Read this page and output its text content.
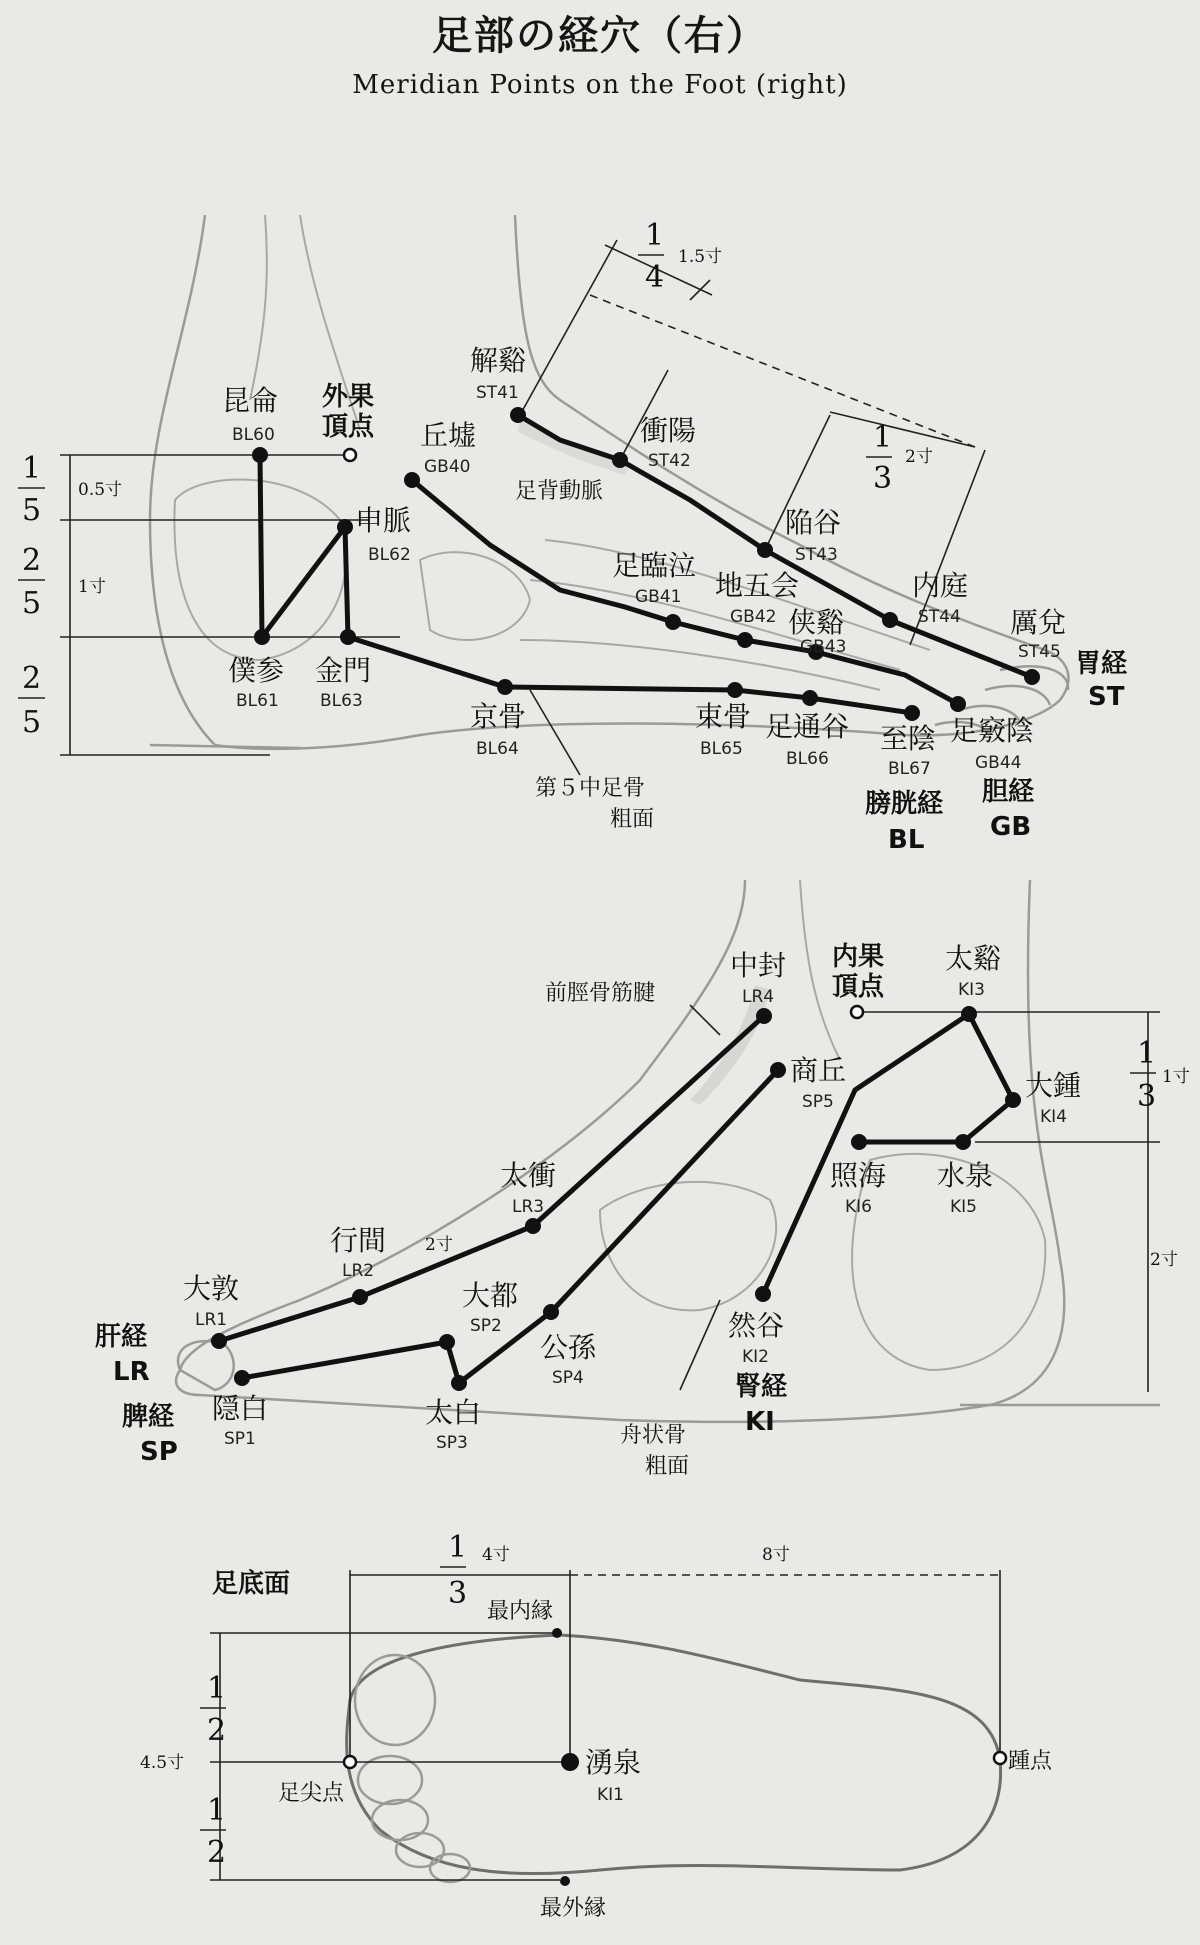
足部の経穴（右）
Meridian Points on the Foot (right)
昆侖
BL60
外果
頂点 丘墟
GB40
解谿
ST41
衝陽
ST42
足背動脈
申脈
BL62
陥谷
ST43
足臨泣
GB41 地五会
GB42 侠谿
GB43
内庭
ST44 厲兌
ST45
僕参
BL61
金門
BL63	京骨
BL64
束骨
BL65
足通谷
BL66
至陰
BL67
足竅陰
GB44
胃経
ST
膀胱経
BL
胆経
GB
第５中足骨
粗面
1
5
2
5
2
5
0.5寸
1寸
1
4
1.5寸
1
3
2寸
中封
LR4
前脛骨筋腱
商丘
SP5
内果
頂点
太谿
KI3
大鍾
KI4
照海
KI6
水泉
KI5
太衝
LR3
行間
LR2
2寸
大敦
LR1
大都
SP2
公孫
SP4
然谷
KI2
隠白
SP1
太白
SP3
肝経
LR
脾経
SP
腎経
KI
舟状骨
粗面
1
3
1寸
2寸
足底面
最内縁
最外縁
足尖点
踵点
湧泉
KI1
1
3
4寸	8寸
1
2
1
2
4.5寸
